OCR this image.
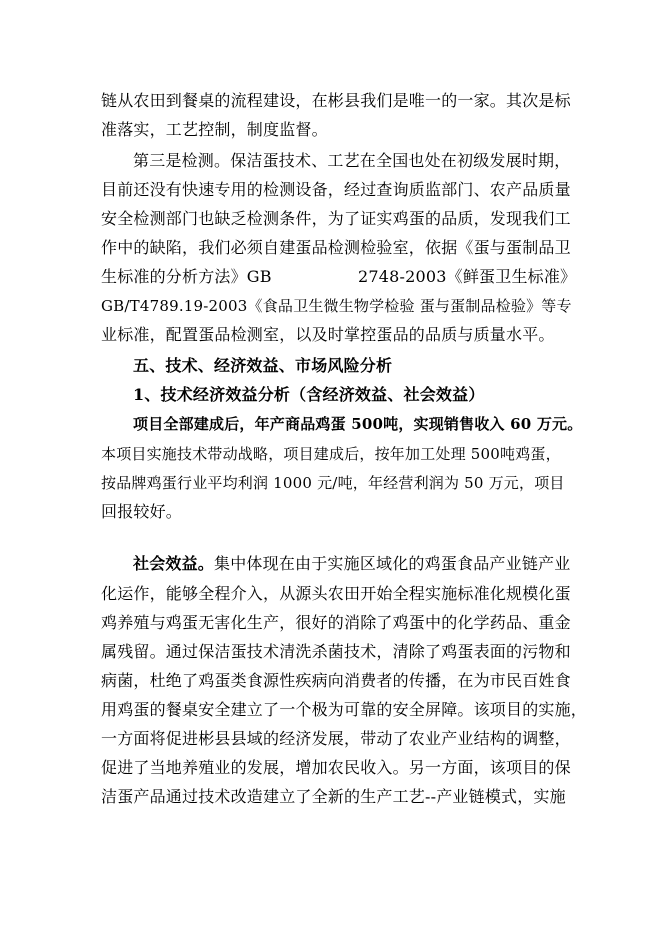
链从农田到餐桌的流程建设，在彬县我们是唯一的一家。其次是标
准落实，工艺控制，制度监督。
第三是检测。保洁蛋技术、工艺在全国也处在初级发展时期，
目前还没有快速专用的检测设备，经过查询质监部门、农产品质量
安全检测部门也缺乏检测条件，为了证实鸡蛋的品质，发现我们工
作中的缺陷，我们必须自建蛋品检测检验室，依据《蛋与蛋制品卫
生标准的分析方法》GB	2748-2003《鲜蛋卫生标准》
GB/T4789.19-2003《食品卫生微生物学检验 蛋与蛋制品检验》等专
业标准，配置蛋品检测室，以及时掌控蛋品的品质与质量水平。
五、技术、经济效益、市场风险分析
1、技术经济效益分析（含经济效益、社会效益）
项目全部建成后，年产商品鸡蛋 500吨，实现销售收入 60 万元。
本项目实施技术带动战略，项目建成后，按年加工处理 500吨鸡蛋，
按品牌鸡蛋行业平均利润 1000 元/吨，年经营利润为 50 万元，项目
回报较好。
社会效益。集中体现在由于实施区域化的鸡蛋食品产业链产业
化运作，能够全程介入，从源头农田开始全程实施标准化规模化蛋
鸡养殖与鸡蛋无害化生产，很好的消除了鸡蛋中的化学药品、重金
属残留。通过保洁蛋技术清洗杀菌技术，清除了鸡蛋表面的污物和
病菌，杜绝了鸡蛋类食源性疾病向消费者的传播，在为市民百姓食
用鸡蛋的餐桌安全建立了一个极为可靠的安全屏障。该项目的实施，
一方面将促进彬县县域的经济发展，带动了农业产业结构的调整，
促进了当地养殖业的发展，增加农民收入。另一方面，该项目的保
洁蛋产品通过技术改造建立了全新的生产工艺--产业链模式，实施
